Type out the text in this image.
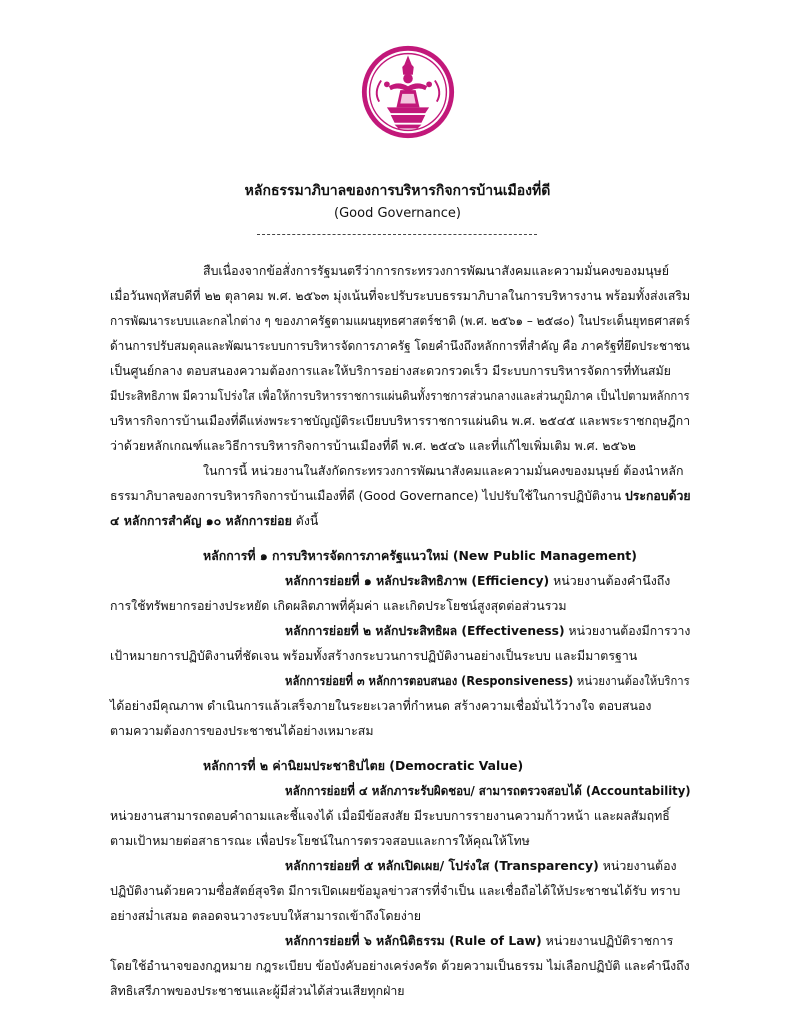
หลักธรรมาภิบาลของการบริหารกิจการบ้านเมืองที่ดี
(Good Governance)
สืบเนื่องจากข้อสั่งการรัฐมนตรีว่าการกระทรวงการพัฒนาสังคมและความมั่นคงของมนุษย์
เมื่อวันพฤหัสบดีที่ ๒๒ ตุลาคม พ.ศ. ๒๕๖๓ มุ่งเน้นที่จะปรับระบบธรรมาภิบาลในการบริหารงาน พร้อมทั้งส่งเสริม
การพัฒนาระบบและกลไกต่าง ๆ ของภาครัฐตามแผนยุทธศาสตร์ชาติ (พ.ศ. ๒๕๖๑ – ๒๕๘๐) ในประเด็นยุทธศาสตร์
ด้านการปรับสมดุลและพัฒนาระบบการบริหารจัดการภาครัฐ โดยคำนึงถึงหลักการที่สำคัญ คือ ภาครัฐที่ยึดประชาชน
เป็นศูนย์กลาง ตอบสนองความต้องการและให้บริการอย่างสะดวกรวดเร็ว มีระบบการบริหารจัดการที่ทันสมัย
มีประสิทธิภาพ มีความโปร่งใส เพื่อให้การบริหารราชการแผ่นดินทั้งราชการส่วนกลางและส่วนภูมิภาค เป็นไปตามหลักการ
บริหารกิจการบ้านเมืองที่ดีแห่งพระราชบัญญัติระเบียบบริหารราชการแผ่นดิน พ.ศ. ๒๕๔๕ และพระราชกฤษฎีกา
ว่าด้วยหลักเกณฑ์และวิธีการบริหารกิจการบ้านเมืองที่ดี พ.ศ. ๒๕๔๖ และที่แก้ไขเพิ่มเติม พ.ศ. ๒๕๖๒
ในการนี้ หน่วยงานในสังกัดกระทรวงการพัฒนาสังคมและความมั่นคงของมนุษย์ ต้องนำหลัก
ธรรมาภิบาลของการบริหารกิจการบ้านเมืองที่ดี (Good Governance) ไปปรับใช้ในการปฏิบัติงาน ประกอบด้วย
๔ หลักการสำคัญ ๑๐ หลักการย่อย ดังนี้
หลักการที่ ๑ การบริหารจัดการภาครัฐแนวใหม่ (New Public Management)
หลักการย่อยที่ ๑ หลักประสิทธิภาพ (Efficiency) หน่วยงานต้องคำนึงถึง
การใช้ทรัพยากรอย่างประหยัด เกิดผลิตภาพที่คุ้มค่า และเกิดประโยชน์สูงสุดต่อส่วนรวม
หลักการย่อยที่ ๒ หลักประสิทธิผล (Effectiveness) หน่วยงานต้องมีการวาง
เป้าหมายการปฏิบัติงานที่ชัดเจน พร้อมทั้งสร้างกระบวนการปฏิบัติงานอย่างเป็นระบบ และมีมาตรฐาน
หลักการย่อยที่ ๓ หลักการตอบสนอง (Responsiveness) หน่วยงานต้องให้บริการ
ได้อย่างมีคุณภาพ ดำเนินการแล้วเสร็จภายในระยะเวลาที่กำหนด สร้างความเชื่อมั่นไว้วางใจ ตอบสนอง
ตามความต้องการของประชาชนได้อย่างเหมาะสม
หลักการที่ ๒ ค่านิยมประชาธิปไตย (Democratic Value)
หลักการย่อยที่ ๔ หลักภาระรับผิดชอบ/ สามารถตรวจสอบได้ (Accountability)
หน่วยงานสามารถตอบคำถามและชี้แจงได้ เมื่อมีข้อสงสัย มีระบบการรายงานความก้าวหน้า และผลสัมฤทธิ์
ตามเป้าหมายต่อสาธารณะ เพื่อประโยชน์ในการตรวจสอบและการให้คุณให้โทษ
หลักการย่อยที่ ๕ หลักเปิดเผย/ โปร่งใส (Transparency) หน่วยงานต้อง
ปฏิบัติงานด้วยความซื่อสัตย์สุจริต มีการเปิดเผยข้อมูลข่าวสารที่จำเป็น และเชื่อถือได้ให้ประชาชนได้รับ ทราบ
อย่างสม่ำเสมอ ตลอดจนวางระบบให้สามารถเข้าถึงโดยง่าย
หลักการย่อยที่ ๖ หลักนิติธรรม (Rule of Law) หน่วยงานปฏิบัติราชการ
โดยใช้อำนาจของกฎหมาย กฎระเบียบ ข้อบังคับอย่างเคร่งครัด ด้วยความเป็นธรรม ไม่เลือกปฏิบัติ และคำนึงถึง
สิทธิเสรีภาพของประชาชนและผู้มีส่วนได้ส่วนเสียทุกฝ่าย
